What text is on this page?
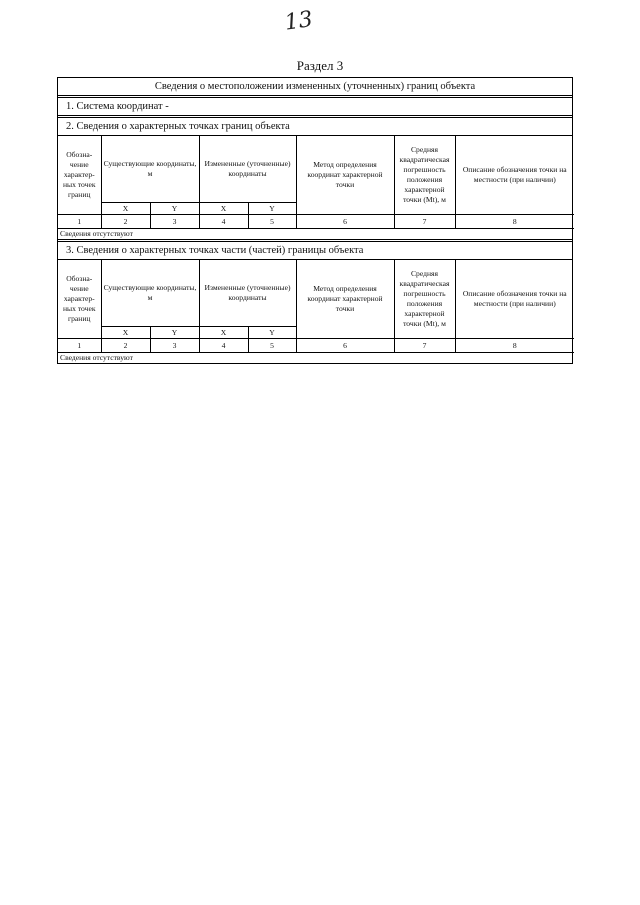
13
Раздел 3
Сведения о местоположении измененных (уточненных) границ объекта
1. Система координат -
2. Сведения о характерных точках границ объекта
Обозна-чение характер-ных точек границ	Существующие координаты, м		Измененные (уточненные) координаты		Метод определения координат характерной точки	Средняя квадратическая погрешность положения характерной точки (Mt), м	Описание обозначения точки на местности (при наличии)
	X	Y	X	Y			
1	2	3	4	5	6	7	8
Сведения отсутствуют
3. Сведения о характерных точках части (частей) границы объекта
Обозна-чение характер-ных точек границ	Существующие координаты, м		Измененные (уточненные) координаты		Метод определения координат характерной точки	Средняя квадратическая погрешность положения характерной точки (Mt), м	Описание обозначения точки на местности (при наличии)
	X	Y	X	Y			
1	2	3	4	5	6	7	8
Сведения отсутствуют
